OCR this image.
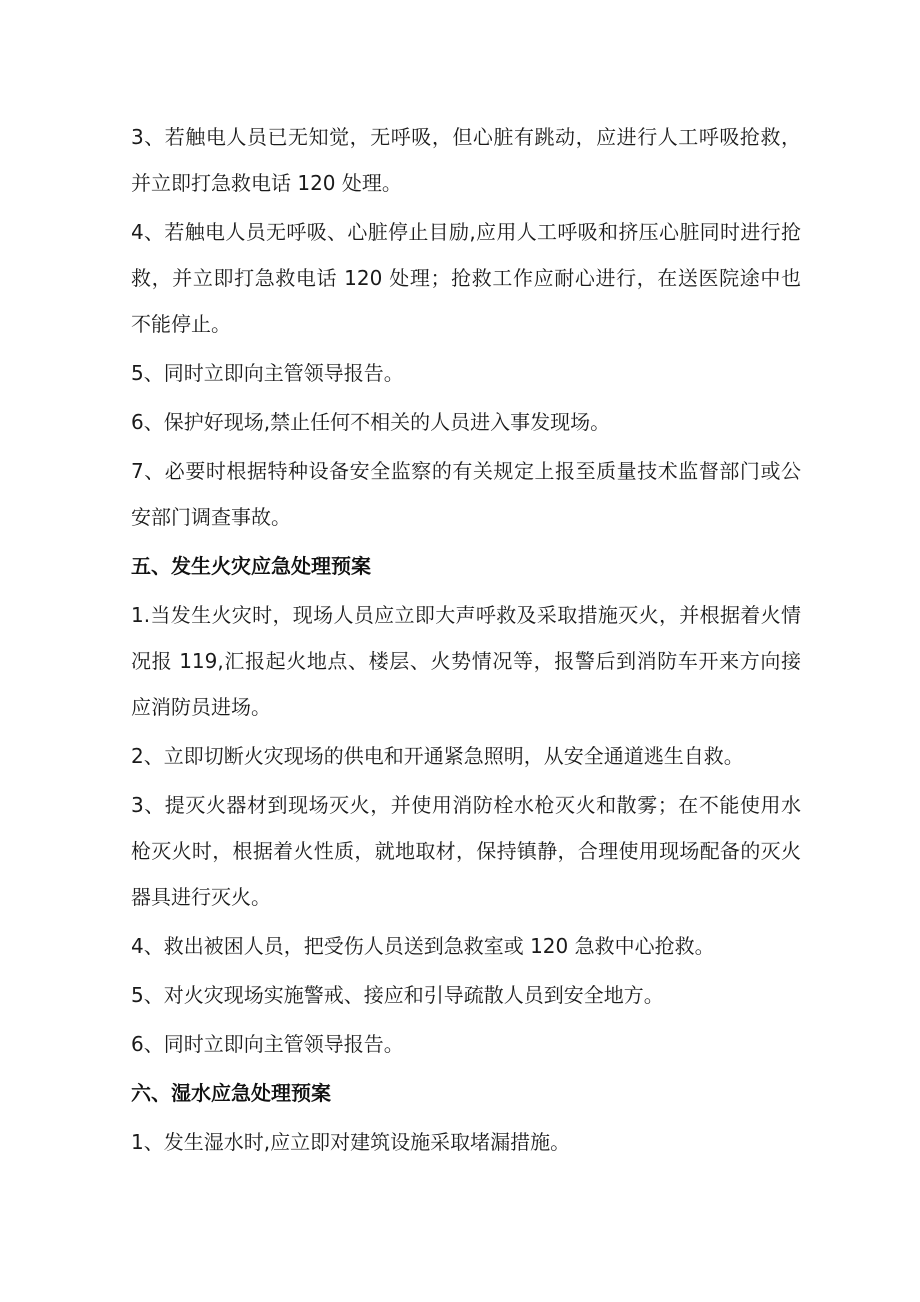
3、若触电人员已无知觉，无呼吸，但心脏有跳动，应进行人工呼吸抢救，并立即打急救电话 120 处理。

4、若触电人员无呼吸、心脏停止目励,应用人工呼吸和挤压心脏同时进行抢救，并立即打急救电话 120 处理；抢救工作应耐心进行，在送医院途中也不能停止。

5、同时立即向主管领导报告。

6、保护好现场,禁止任何不相关的人员进入事发现场。

7、必要时根据特种设备安全监察的有关规定上报至质量技术监督部门或公安部门调查事故。

五、发生火灾应急处理预案

1.当发生火灾时，现场人员应立即大声呼救及采取措施灭火，并根据着火情况报 119,汇报起火地点、楼层、火势情况等，报警后到消防车开来方向接应消防员进场。

2、立即切断火灾现场的供电和开通紧急照明，从安全通道逃生自救。

3、提灭火器材到现场灭火，并使用消防栓水枪灭火和散雾；在不能使用水枪灭火时，根据着火性质，就地取材，保持镇静，合理使用现场配备的灭火器具进行灭火。

4、救出被困人员，把受伤人员送到急救室或 120 急救中心抢救。

5、对火灾现场实施警戒、接应和引导疏散人员到安全地方。

6、同时立即向主管领导报告。

六、湿水应急处理预案

1、发生湿水时,应立即对建筑设施采取堵漏措施。
